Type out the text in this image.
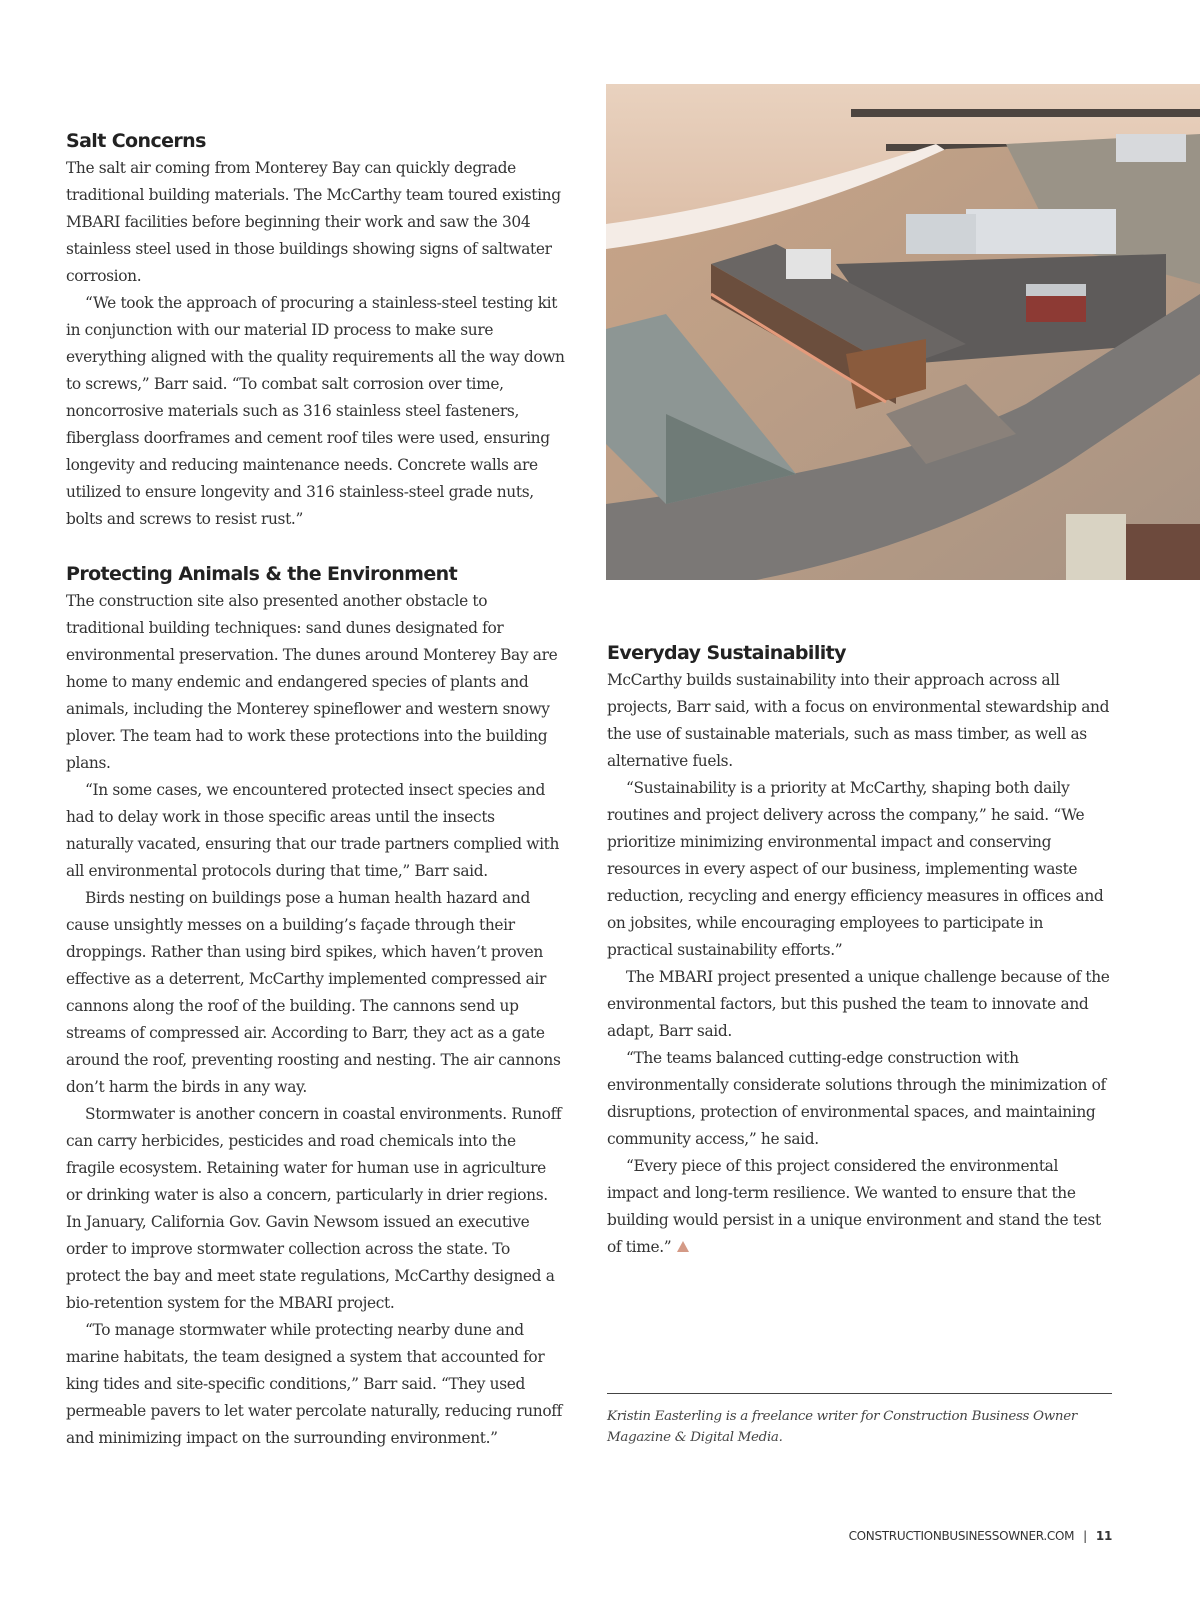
Salt Concerns

The salt air coming from Monterey Bay can quickly degrade traditional building materials. The McCarthy team toured existing MBARI facilities before beginning their work and saw the 304 stainless steel used in those buildings showing signs of saltwater corrosion.

“We took the approach of procuring a stainless-steel testing kit in conjunction with our material ID process to make sure everything aligned with the quality requirements all the way down to screws,” Barr said. “To combat salt corrosion over time, noncorrosive materials such as 316 stainless steel fasteners, fiberglass doorframes and cement roof tiles were used, ensuring longevity and reducing maintenance needs. Concrete walls are utilized to ensure longevity and 316 stainless-steel grade nuts, bolts and screws to resist rust.”

Protecting Animals & the Environment

The construction site also presented another obstacle to traditional building techniques: sand dunes designated for environmental preservation. The dunes around Monterey Bay are home to many endemic and endangered species of plants and animals, including the Monterey spineflower and western snowy plover. The team had to work these protections into the building plans.

“In some cases, we encountered protected insect species and had to delay work in those specific areas until the insects naturally vacated, ensuring that our trade partners complied with all environmental protocols during that time,” Barr said.

Birds nesting on buildings pose a human health hazard and cause unsightly messes on a building’s façade through their droppings. Rather than using bird spikes, which haven’t proven effective as a deterrent, McCarthy implemented compressed air cannons along the roof of the building. The cannons send up streams of compressed air. According to Barr, they act as a gate around the roof, preventing roosting and nesting. The air cannons don’t harm the birds in any way.

Stormwater is another concern in coastal environments. Runoff can carry herbicides, pesticides and road chemicals into the fragile ecosystem. Retaining water for human use in agriculture or drinking water is also a concern, particularly in drier regions. In January, California Gov. Gavin Newsom issued an executive order to improve stormwater collection across the state. To protect the bay and meet state regulations, McCarthy designed a bio-retention system for the MBARI project.

“To manage stormwater while protecting nearby dune and marine habitats, the team designed a system that accounted for king tides and site-specific conditions,” Barr said. “They used permeable pavers to let water percolate naturally, reducing runoff and minimizing impact on the surrounding environment.”

Everyday Sustainability

McCarthy builds sustainability into their approach across all projects, Barr said, with a focus on environmental stewardship and the use of sustainable materials, such as mass timber, as well as alternative fuels.

“Sustainability is a priority at McCarthy, shaping both daily routines and project delivery across the company,” he said. “We prioritize minimizing environmental impact and conserving resources in every aspect of our business, implementing waste reduction, recycling and energy efficiency measures in offices and on jobsites, while encouraging employees to participate in practical sustainability efforts.”

The MBARI project presented a unique challenge because of the environmental factors, but this pushed the team to innovate and adapt, Barr said.

“The teams balanced cutting-edge construction with environmentally considerate solutions through the minimization of disruptions, protection of environmental spaces, and maintaining community access,” he said.

“Every piece of this project considered the environmental impact and long-term resilience. We wanted to ensure that the building would persist in a unique environment and stand the test of time.”

Kristin Easterling is a freelance writer for Construction Business Owner Magazine & Digital Media.
CONSTRUCTIONBUSINESSOWNER.COM | 11
